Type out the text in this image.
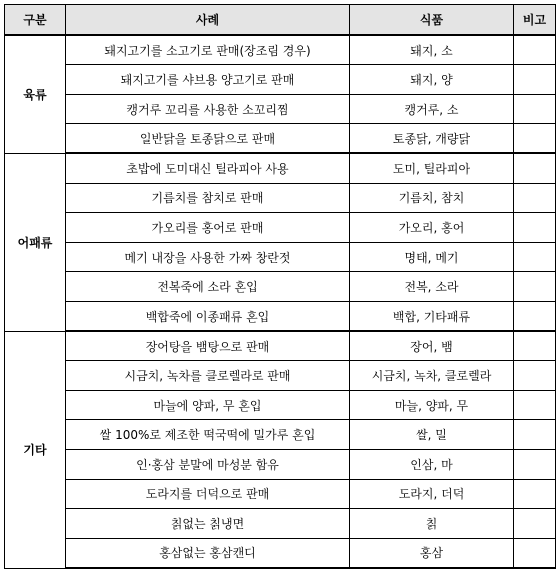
구분	사례	식품	비고
육류	돼지고기를 소고기로 판매(장조림 경우)	돼지, 소	
	돼지고기를 샤브용 양고기로 판매	돼지, 양	
	캥거루 꼬리를 사용한 소꼬리찜	캥거루, 소	
	일반닭을 토종닭으로 판매	토종닭, 개량닭	
어패류	초밥에 도미대신 틸라피아 사용	도미, 틸라피아	
	기름치를 참치로 판매	기름치, 참치	
	가오리를 홍어로 판매	가오리, 홍어	
	메기 내장을 사용한 가짜 창란젓	명태, 메기	
	전복죽에 소라 혼입	전복, 소라	
	백합죽에 이종패류 혼입	백합, 기타패류	
기타	장어탕을 뱀탕으로 판매	장어, 뱀	
	시금치, 녹차를 클로렐라로 판매	시금치, 녹차, 클로렐라	
	마늘에 양파, 무 혼입	마늘, 양파, 무	
	쌀 100%로 제조한 떡국떡에 밀가루 혼입	쌀, 밀	
	인·홍삼 분말에 마성분 함유	인삼, 마	
	도라지를 더덕으로 판매	도라지, 더덕	
	칡없는 칡냉면	칡	
	홍삼없는 홍삼캔디	홍삼	
